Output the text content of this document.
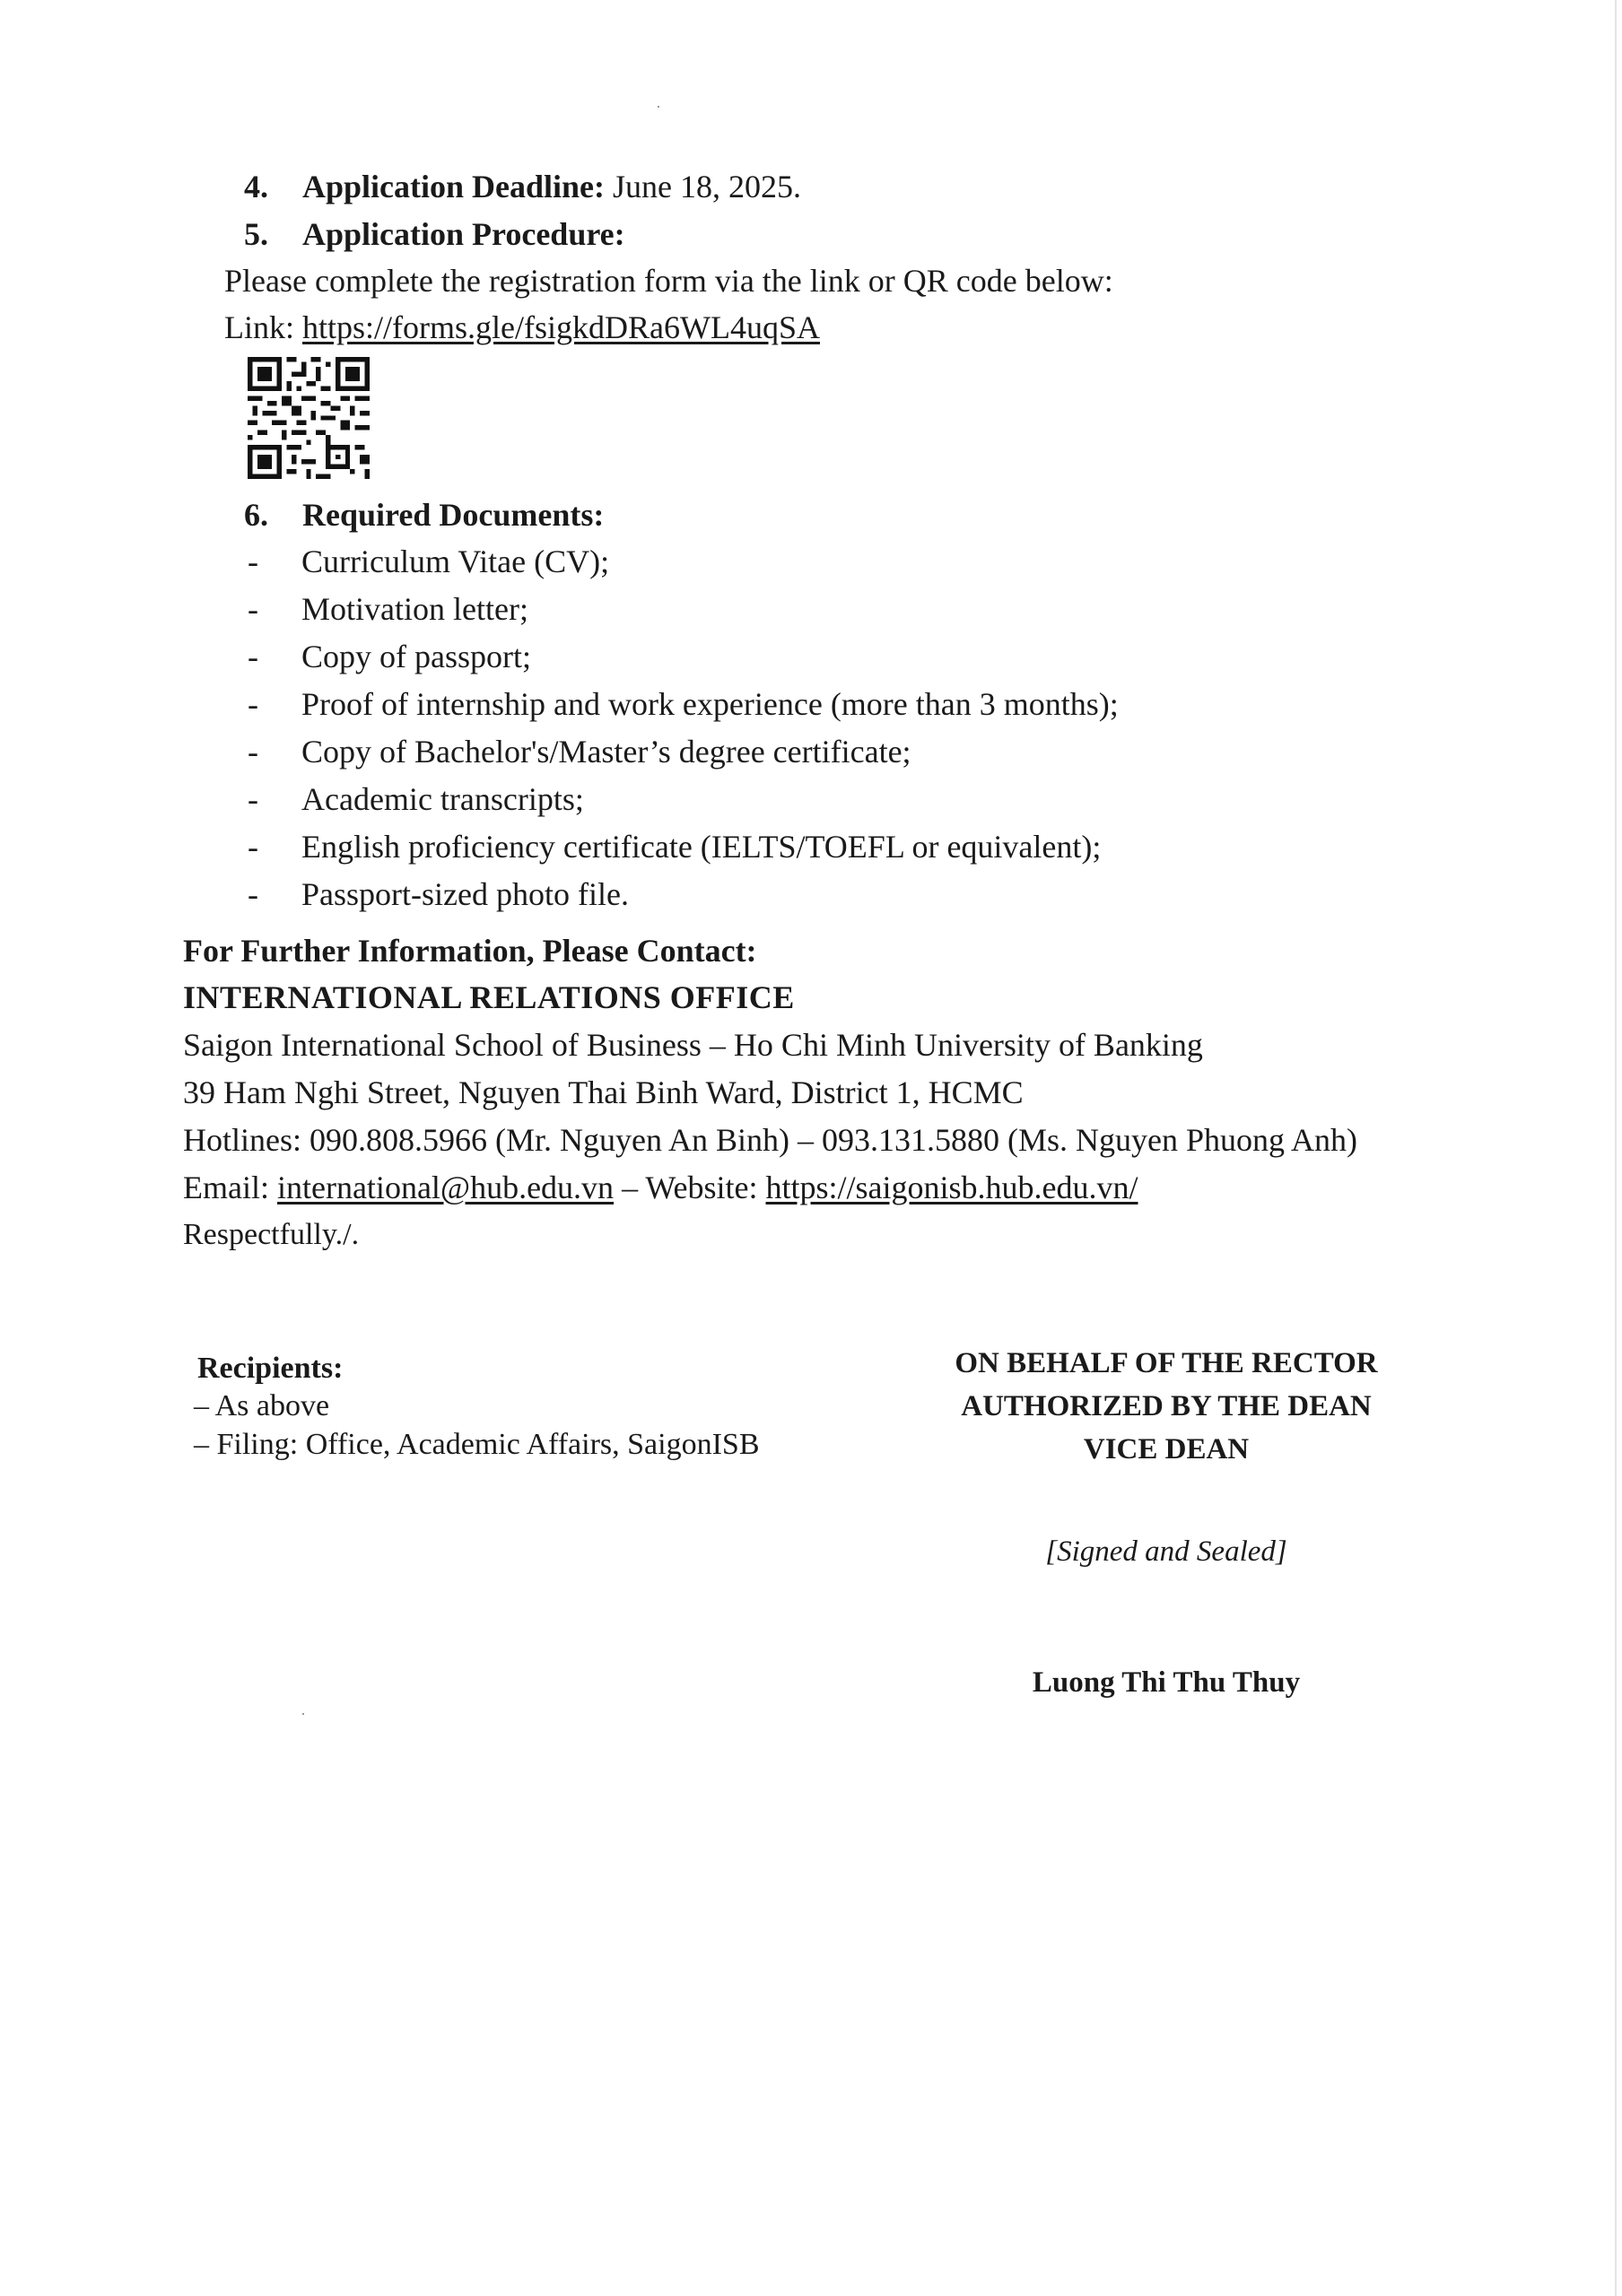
4. Application Deadline: June 18, 2025.
5. Application Procedure:
Please complete the registration form via the link or QR code below:
Link: https://forms.gle/fsigkdDRa6WL4uqSA
6. Required Documents:
- Curriculum Vitae (CV);
- Motivation letter;
- Copy of passport;
- Proof of internship and work experience (more than 3 months);
- Copy of Bachelor's/Master’s degree certificate;
- Academic transcripts;
- English proficiency certificate (IELTS/TOEFL or equivalent);
- Passport-sized photo file.
For Further Information, Please Contact:
INTERNATIONAL RELATIONS OFFICE
Saigon International School of Business – Ho Chi Minh University of Banking
39 Ham Nghi Street, Nguyen Thai Binh Ward, District 1, HCMC
Hotlines: 090.808.5966 (Mr. Nguyen An Binh) – 093.131.5880 (Ms. Nguyen Phuong Anh)
Email: international@hub.edu.vn – Website: https://saigonisb.hub.edu.vn/
Respectfully./.
Recipients:
– As above
– Filing: Office, Academic Affairs, SaigonISB
ON BEHALF OF THE RECTOR
AUTHORIZED BY THE DEAN
VICE DEAN
[Signed and Sealed]
Luong Thi Thu Thuy
